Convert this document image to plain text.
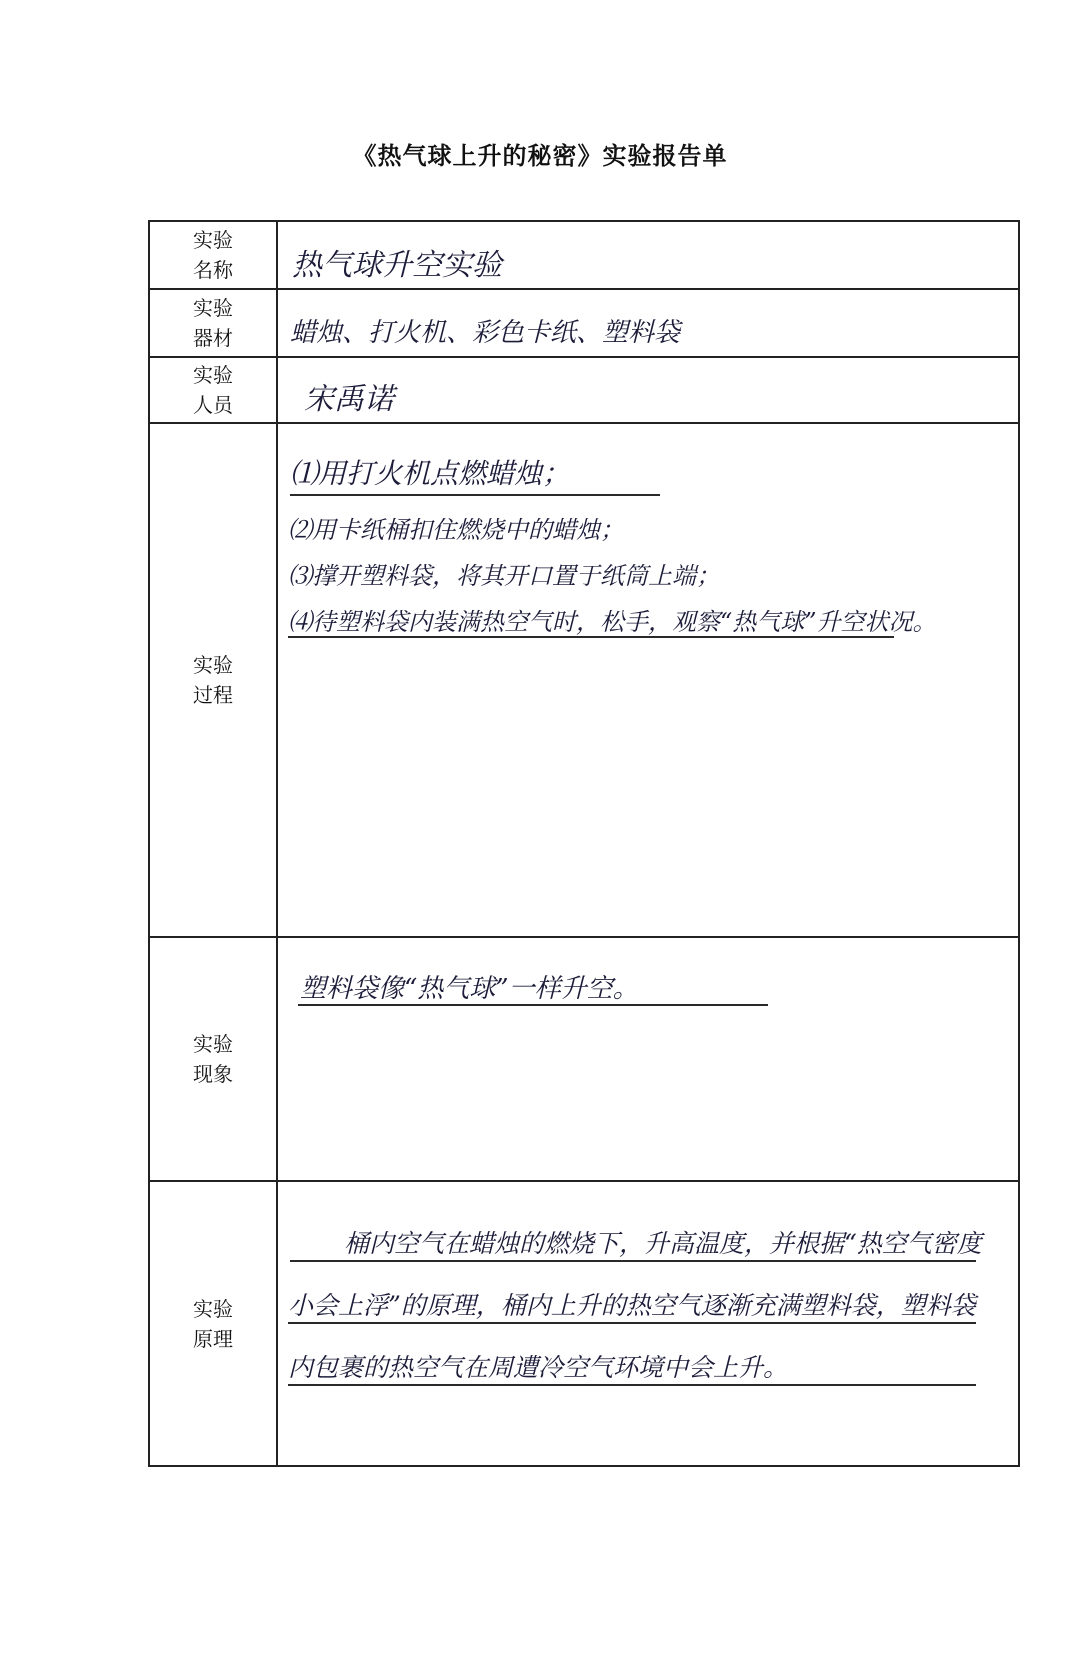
《热气球上升的秘密》实验报告单
实验
名称 热气球升空实验
实验
器材 蜡烛、打火机、彩色卡纸、塑料袋
实验
人员 宋禹诺
实验
过程
⑴用打火机点燃蜡烛；
⑵用卡纸桶扣住燃烧中的蜡烛；
⑶撑开塑料袋，将其开口置于纸筒上端；
⑷待塑料袋内装满热空气时，松手，观察“热气球”升空状况。
实验
现象
塑料袋像“热气球”一样升空。
实验
原理
桶内空气在蜡烛的燃烧下，升高温度，并根据“热空气密度
小会上浮”的原理，桶内上升的热空气逐渐充满塑料袋，塑料袋
内包裹的热空气在周遭冷空气环境中会上升。
